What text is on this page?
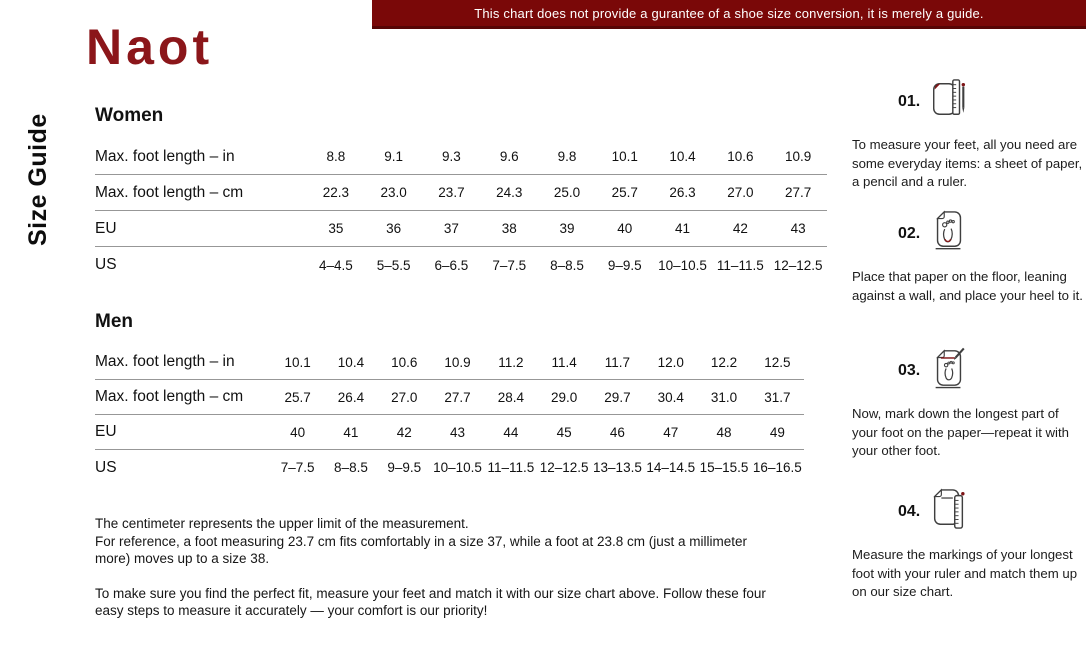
This chart does not provide a gurantee of a shoe size conversion, it is merely a guide.
Naot
Size Guide Women
Max. foot length – in	8.8	9.1	9.3	9.6	9.8	10.1	10.4	10.6	10.9
Max. foot length – cm	22.3	23.0	23.7	24.3	25.0	25.7	26.3	27.0	27.7
EU	35	36	37	38	39	40	41	42	43
US	4–4.5	5–5.5	6–6.5	7–7.5	8–8.5	9–9.5	10–10.5 11–11.5 12–12.5
Men
Max. foot length – in	10.1	10.4	10.6	10.9	11.2	11.4	11.7	12.0	12.2	12.5
Max. foot length – cm	25.7	26.4	27.0	27.7	28.4	29.0	29.7	30.4	31.0	31.7
EU	40	41	42	43	44	45	46	47	48	49
US	7–7.5	8–8.5	9–9.5 10–10.5 11–11.5 12–12.5 13–13.5 14–14.5 15–15.5 16–16.5

The centimeter represents the upper limit of the measurement.
For reference, a foot measuring 23.7 cm fits comfortably in a size 37, while a foot at 23.8 cm (just a millimeter more) moves up to a size 38.

To make sure you find the perfect fit, measure your feet and match it with our size chart above. Follow these four easy steps to measure it accurately — your comfort is our priority!

01.
To measure your feet, all you need are some everyday items: a sheet of paper, a pencil and a ruler.
02.
Place that paper on the floor, leaning against a wall, and place your heel to it.
03.
Now, mark down the longest part of your foot on the paper—repeat it with your other foot.
04.
Measure the markings of your longest foot with your ruler and match them up on our size chart.
